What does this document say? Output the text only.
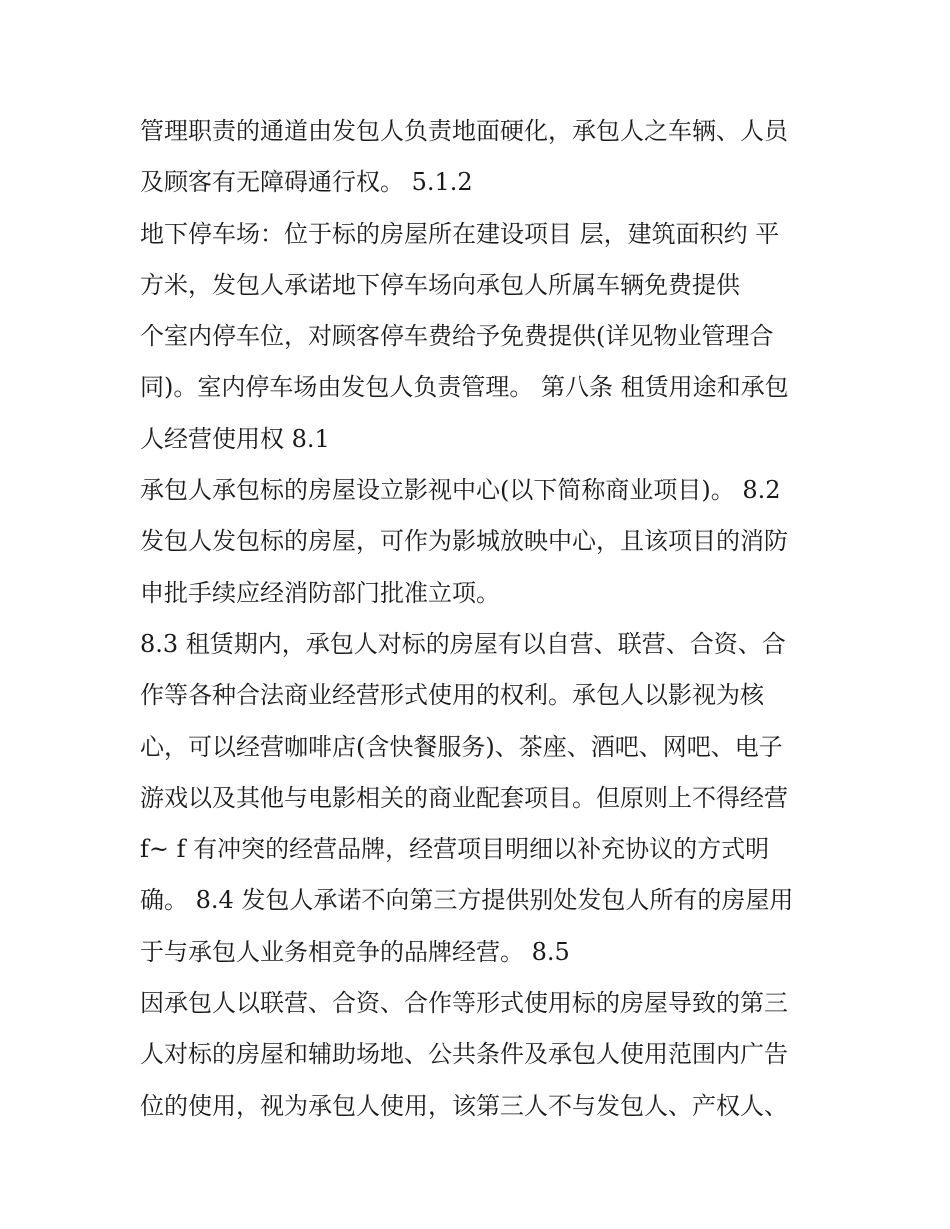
管理职责的通道由发包人负责地面硬化，承包人之车辆、人员
及顾客有无障碍通行权。 5.1.2
地下停车场：位于标的房屋所在建设项目 层，建筑面积约 平
方米，发包人承诺地下停车场向承包人所属车辆免费提供
个室内停车位，对顾客停车费给予免费提供(详见物业管理合
同)。室内停车场由发包人负责管理。 第八条 租赁用途和承包
人经营使用权 8.1
承包人承包标的房屋设立影视中心(以下简称商业项目)。 8.2
发包人发包标的房屋，可作为影城放映中心，且该项目的消防
申批手续应经消防部门批准立项。
8.3 租赁期内，承包人对标的房屋有以自营、联营、合资、合
作等各种合法商业经营形式使用的权利。承包人以影视为核
心，可以经营咖啡店(含快餐服务)、茶座、酒吧、网吧、电子
游戏以及其他与电影相关的商业配套项目。但原则上不得经营
f~ f 有冲突的经营品牌，经营项目明细以补充协议的方式明
确。 8.4 发包人承诺不向第三方提供别处发包人所有的房屋用
于与承包人业务相竞争的品牌经营。 8.5
因承包人以联营、合资、合作等形式使用标的房屋导致的第三
人对标的房屋和辅助场地、公共条件及承包人使用范围内广告
位的使用，视为承包人使用，该第三人不与发包人、产权人、
